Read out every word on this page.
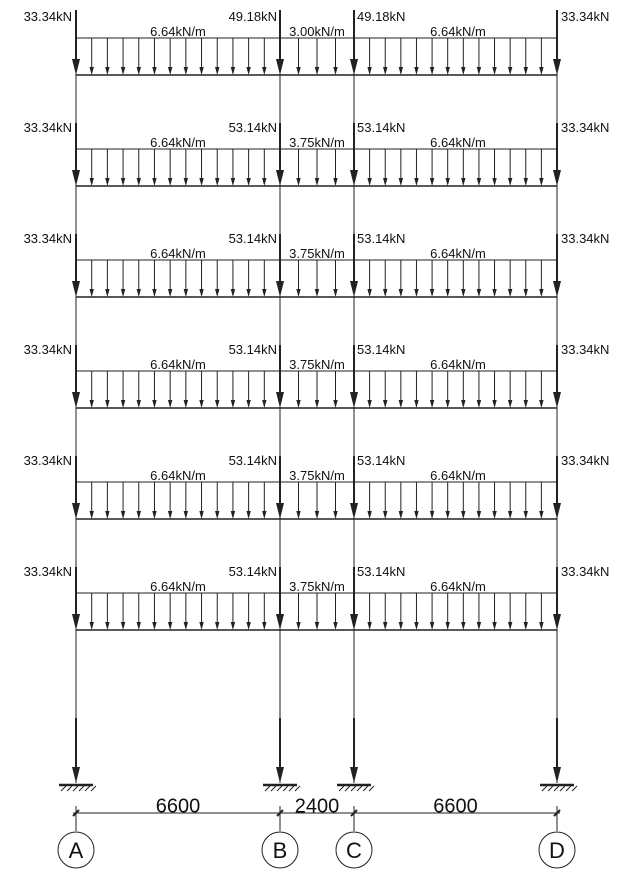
33.34kN	49.18kN	49.18kN	33.34kN
6.64kN/m	3.00kN/m	6.64kN/m
33.34kN	53.14kN	53.14kN	33.34kN
6.64kN/m	3.75kN/m	6.64kN/m
33.34kN	53.14kN	53.14kN	33.34kN
6.64kN/m	3.75kN/m	6.64kN/m
33.34kN	53.14kN	53.14kN	33.34kN
6.64kN/m	3.75kN/m	6.64kN/m
33.34kN	53.14kN	53.14kN	33.34kN
6.64kN/m	3.75kN/m	6.64kN/m
33.34kN	53.14kN	53.14kN	33.34kN
6.64kN/m	3.75kN/m	6.64kN/m
6600	2400	6600
A	B	C	D
